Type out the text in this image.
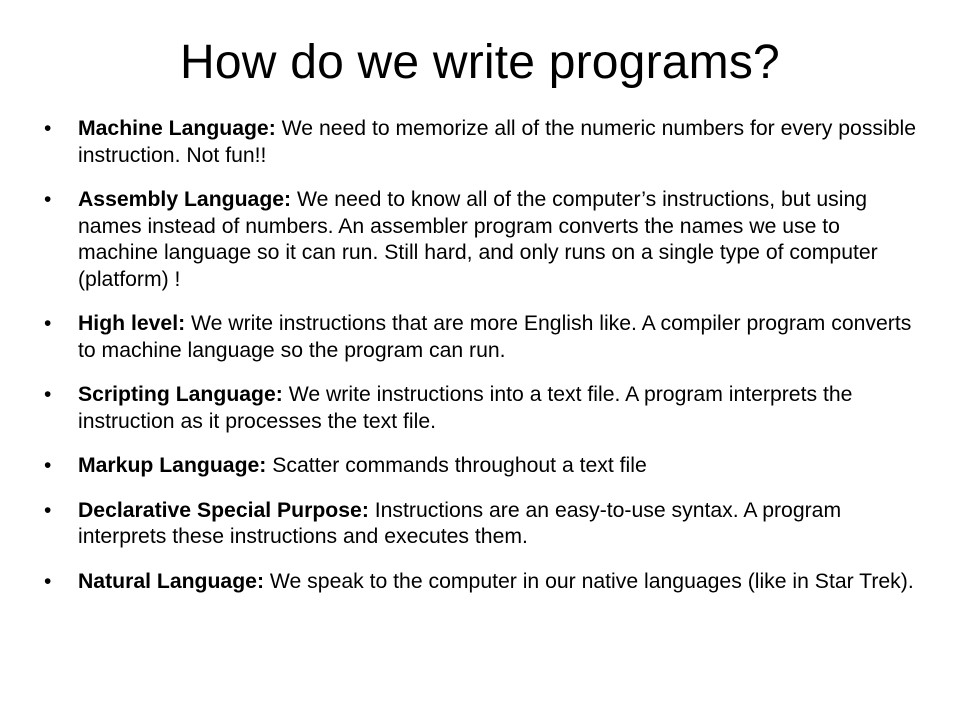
How do we write programs?
• Machine Language: We need to memorize all of the numeric numbers for every possible instruction. Not fun!!
• Assembly Language: We need to know all of the computer’s instructions, but using names instead of numbers. An assembler program converts the names we use to machine language so it can run. Still hard, and only runs on a single type of computer (platform) !
• High level: We write instructions that are more English like. A compiler program converts to machine language so the program can run.
• Scripting Language: We write instructions into a text file. A program interprets the instruction as it processes the text file.
• Markup Language: Scatter commands throughout a text file
• Declarative Special Purpose: Instructions are an easy-to-use syntax. A program interprets these instructions and executes them.
• Natural Language: We speak to the computer in our native languages (like in Star Trek).
